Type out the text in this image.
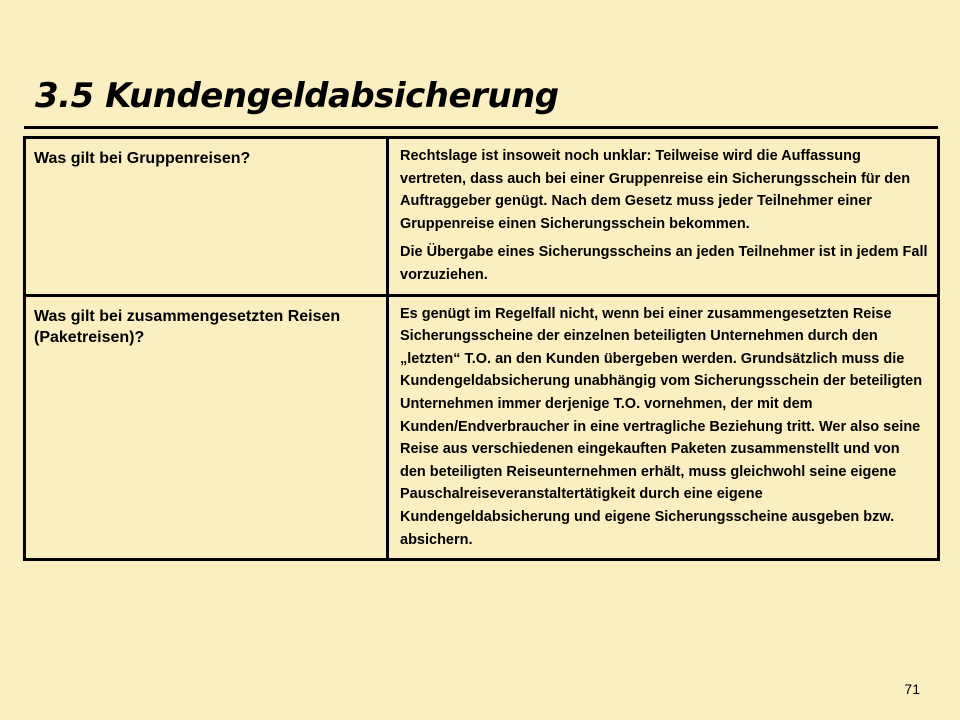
3.5 Kundengeldabsicherung
Was gilt bei Gruppenreisen?	Rechtslage ist insoweit noch unklar: Teilweise wird die Auffassung vertreten, dass auch bei einer Gruppenreise ein Sicherungsschein für den Auftraggeber genügt. Nach dem Gesetz muss jeder Teilnehmer einer Gruppenreise einen Sicherungsschein bekommen.

Die Übergabe eines Sicherungsscheins an jeden Teilnehmer ist in jedem Fall vorzuziehen.

Was gilt bei zusammengesetzten Reisen (Paketreisen)?	Es genügt im Regelfall nicht, wenn bei einer zusammengesetzten Reise Sicherungsscheine der einzelnen beteiligten Unternehmen durch den „letzten“ T.O. an den Kunden übergeben werden. Grundsätzlich muss die Kundengeldabsicherung unabhängig vom Sicherungsschein der beteiligten Unternehmen immer derjenige T.O. vornehmen, der mit dem Kunden/Endverbraucher in eine vertragliche Beziehung tritt. Wer also seine Reise aus verschiedenen eingekauften Paketen zusammenstellt und von den beteiligten Reiseunternehmen erhält, muss gleichwohl seine eigene Pauschalreiseveranstaltertätigkeit durch eine eigene Kundengeldabsicherung und eigene Sicherungsscheine ausgeben bzw. absichern.

71
